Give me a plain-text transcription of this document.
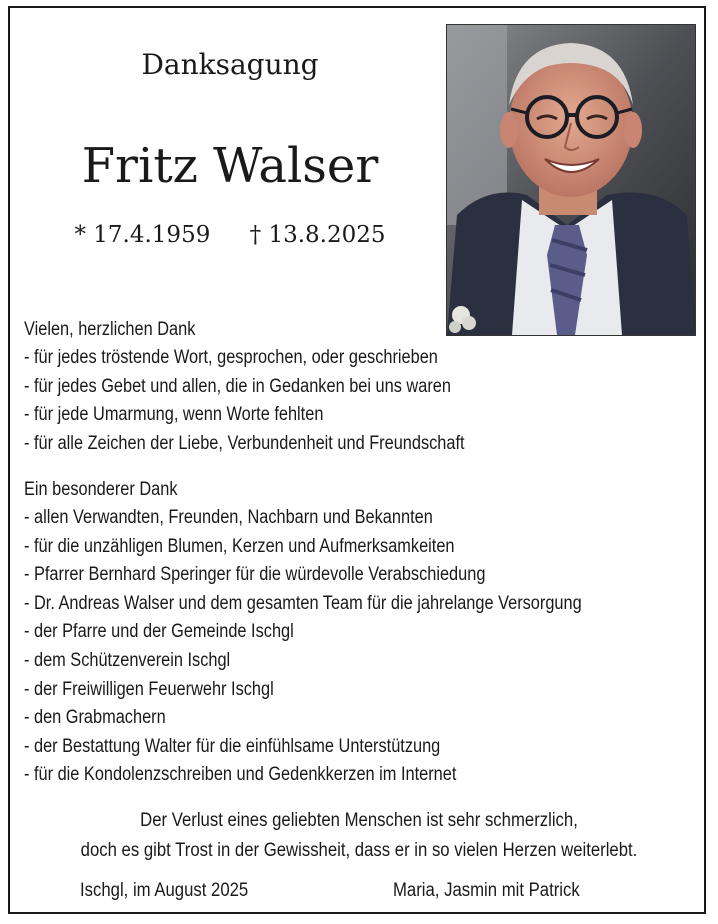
Danksagung
Fritz Walser
* 17.4.1959 † 13.8.2025
Vielen, herzlichen Dank
- für jedes tröstende Wort, gesprochen, oder geschrieben
- für jedes Gebet und allen, die in Gedanken bei uns waren
- für jede Umarmung, wenn Worte fehlten
- für alle Zeichen der Liebe, Verbundenheit und Freundschaft
Ein besonderer Dank
- allen Verwandten, Freunden, Nachbarn und Bekannten
- für die unzähligen Blumen, Kerzen und Aufmerksamkeiten
- Pfarrer Bernhard Speringer für die würdevolle Verabschiedung
- Dr. Andreas Walser und dem gesamten Team für die jahrelange Versorgung
- der Pfarre und der Gemeinde Ischgl
- dem Schützenverein Ischgl
- der Freiwilligen Feuerwehr Ischgl
- den Grabmachern
- der Bestattung Walter für die einfühlsame Unterstützung
- für die Kondolenzschreiben und Gedenkkerzen im Internet
Der Verlust eines geliebten Menschen ist sehr schmerzlich,
doch es gibt Trost in der Gewissheit, dass er in so vielen Herzen weiterlebt.
Ischgl, im August 2025	Maria, Jasmin mit Patrick
